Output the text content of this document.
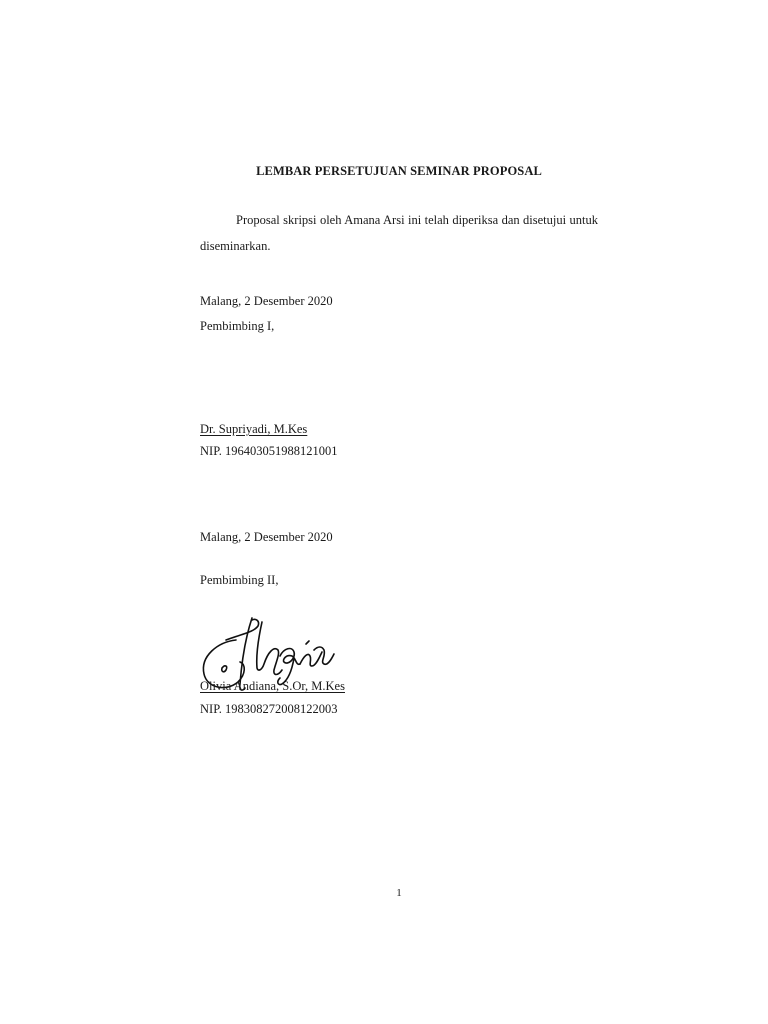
LEMBAR PERSETUJUAN SEMINAR PROPOSAL
Proposal skripsi oleh Amana Arsi ini telah diperiksa dan disetujui untuk diseminarkan.
Malang, 2 Desember 2020
Pembimbing I,
Dr. Supriyadi, M.Kes
NIP. 196403051988121001
Malang, 2 Desember 2020
Pembimbing II,
Olivia Andiana, S.Or, M.Kes
NIP. 198308272008122003
1
